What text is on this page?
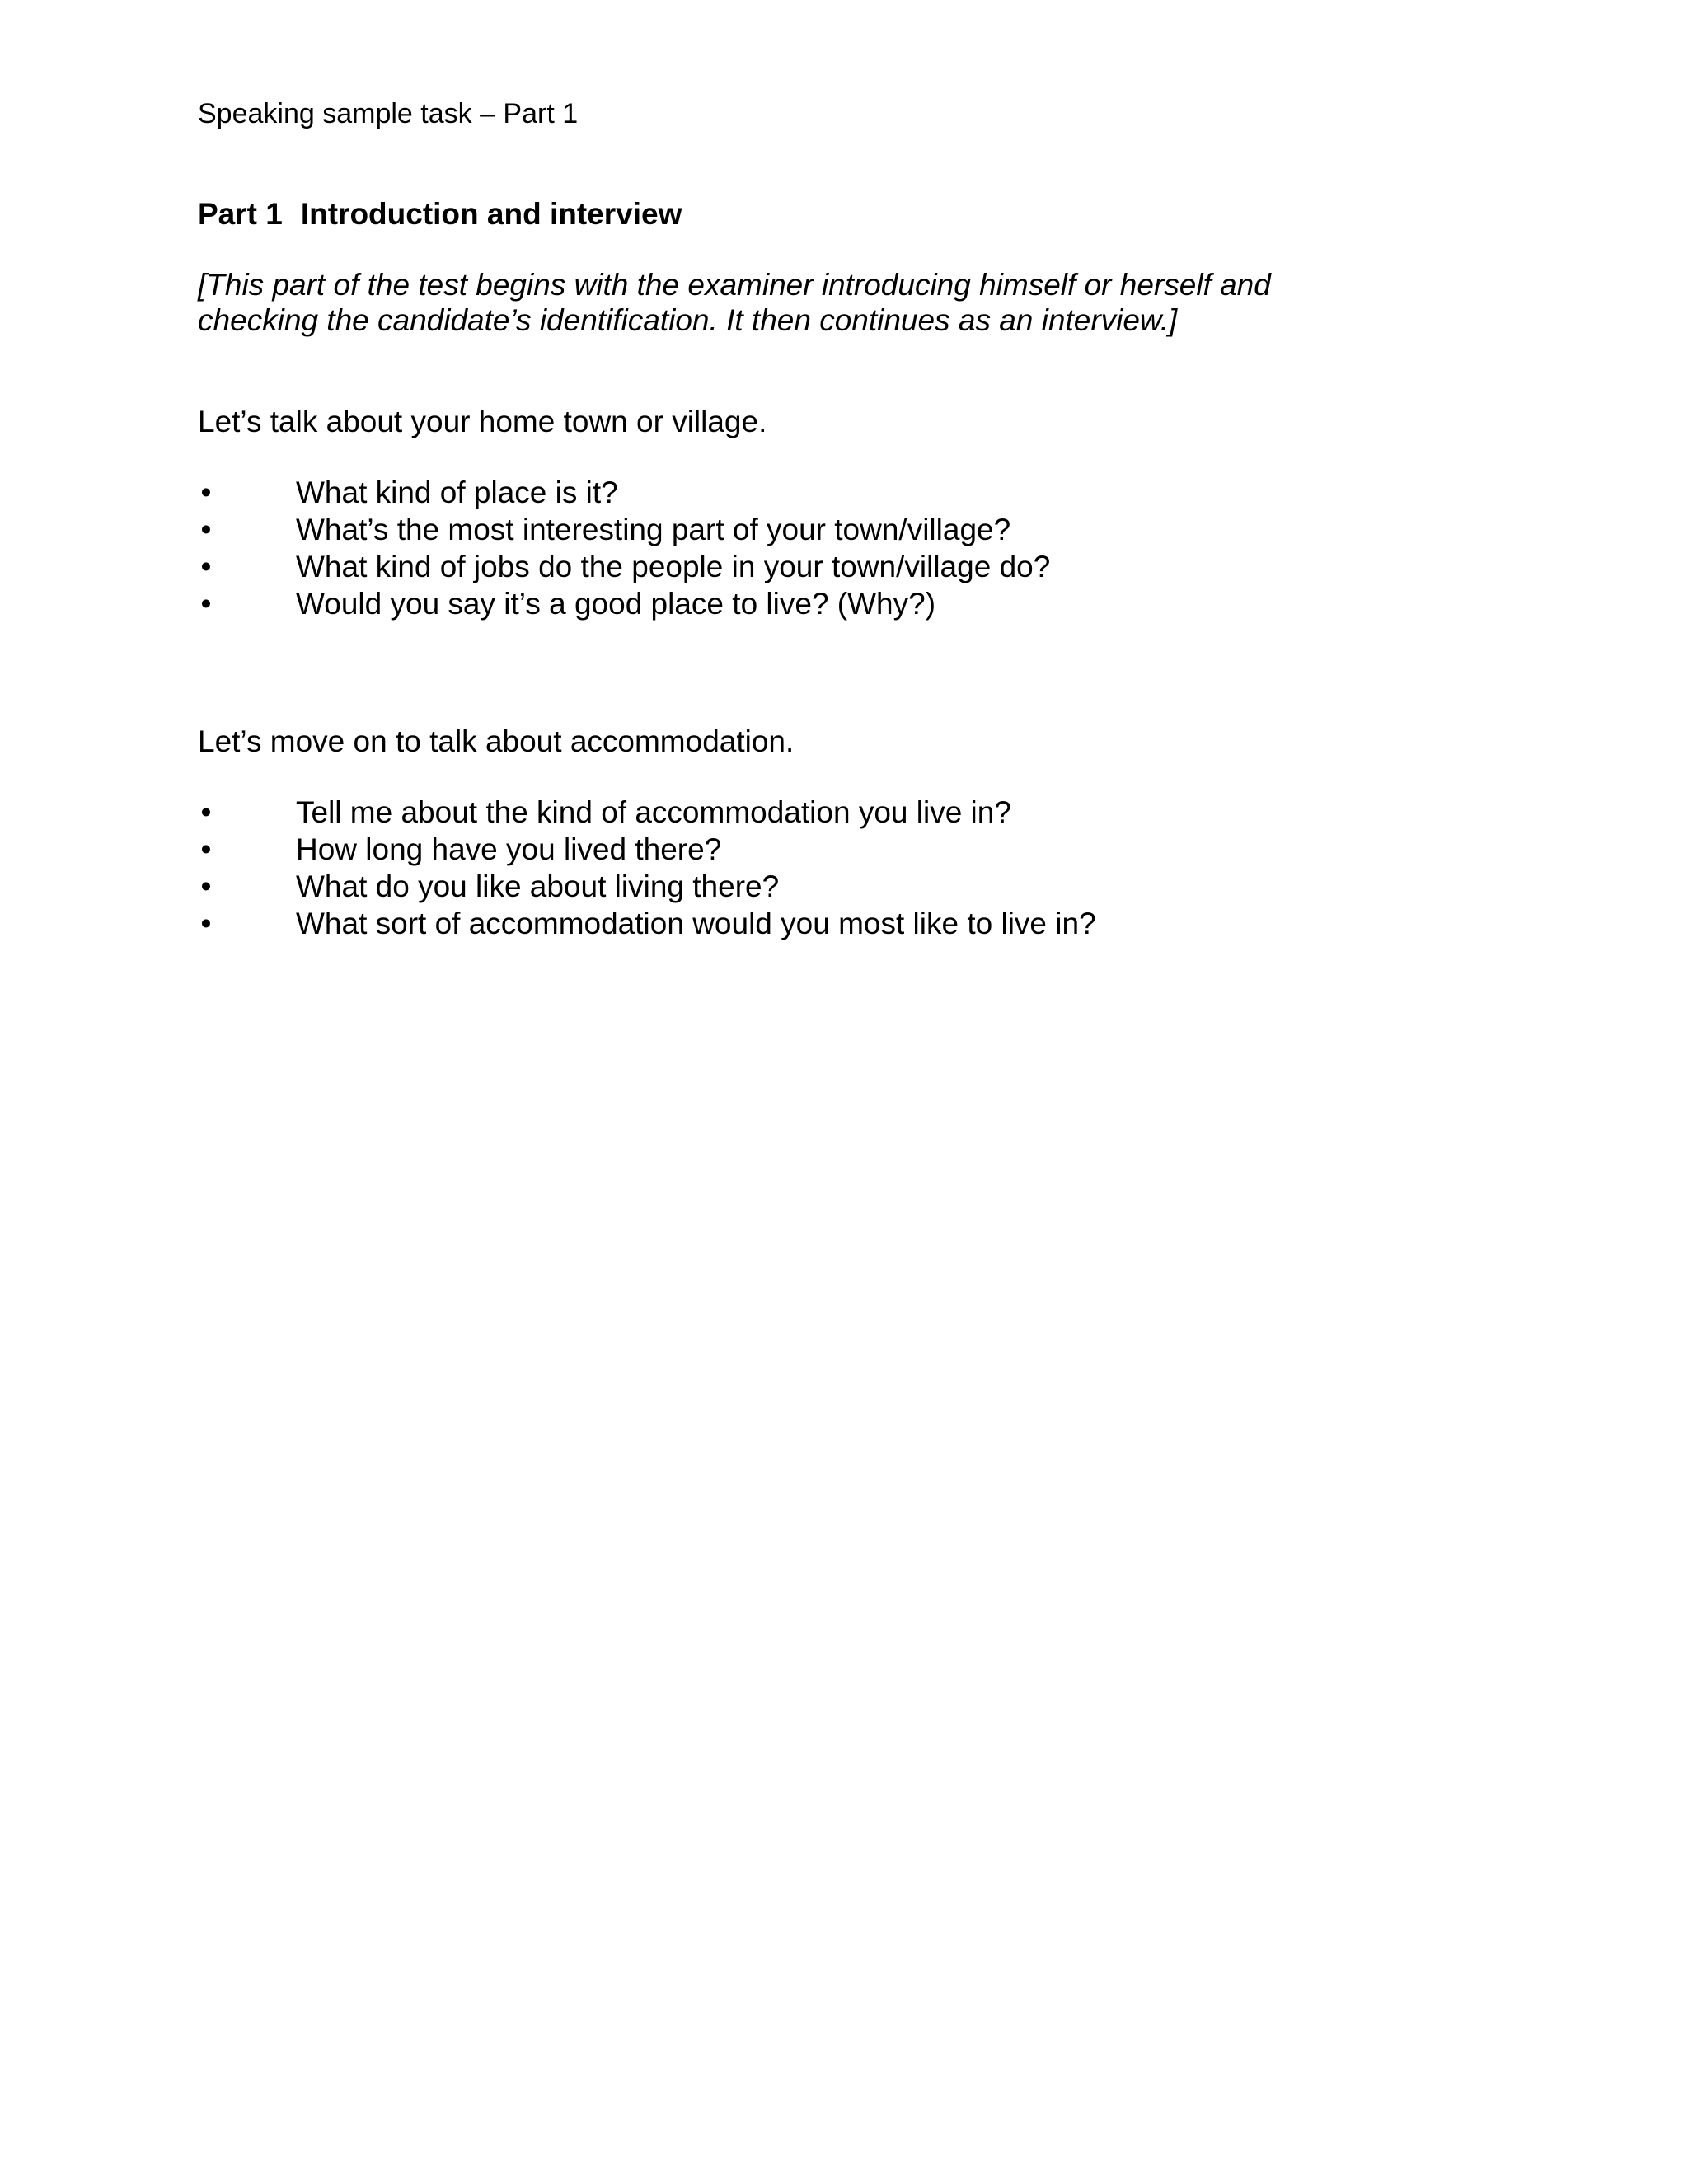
Speaking sample task – Part 1
Part 1 Introduction and interview
[This part of the test begins with the examiner introducing himself or herself and
checking the candidate’s identification. It then continues as an interview.]
Let’s talk about your home town or village.
•	What kind of place is it?
•	What’s the most interesting part of your town/village?
•	What kind of jobs do the people in your town/village do?
•	Would you say it’s a good place to live? (Why?)
Let’s move on to talk about accommodation.
•	Tell me about the kind of accommodation you live in?
•	How long have you lived there?
•	What do you like about living there?
•	What sort of accommodation would you most like to live in?
